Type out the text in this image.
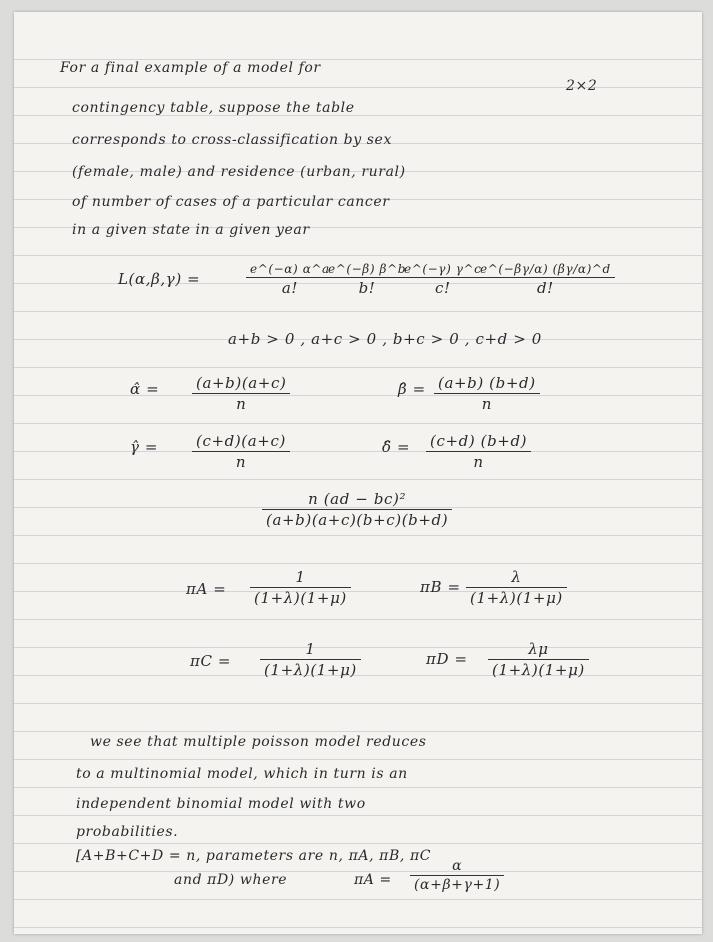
For a final example of a model for
2×2
contingency table, suppose the table
corresponds to cross-classification by sex
(female, male) and residence (urban, rural)
of number of cases of a particular cancer
in a given state in a given year
L(α,β,γ) =
e^(−α) α^a
a!
e^(−β) β^b
b!
e^(−γ) γ^c
c!
e^(−βγ/α) (βγ/α)^d
d!
a+b > 0 , a+c > 0 , b+c > 0 , c+d > 0
α̂ = $\frac{(a+b)(a+c)}{n}$	β̂ = $\frac{(a+b) (b+d)}{n}$
γ̂ = $\frac{(c+d)(a+c)}{n}$	δ̂ = $\frac{(c+d) (b+d)}{n}$
$\frac{\text{n (ad − bc)²}}{(a+b)(a+c)(b+c)(b+d)}$
$\pi A = \frac{1}{(1+\lambda)(1+\mu)}$	$\pi B = \frac{\lambda}{(1+\lambda)(1+\mu)}$
$\pi C = \frac{1}{(1+\lambda)(1+\mu)}$	$\pi D = \frac{\lambda\mu}{(1+\lambda)(1+\mu)}$
we see that multiple poisson model reduces
to a multinomial model, which in turn is an
independent binomial model with two
probabilities.
[A+B+C+D = n, parameters are n, πA, πB, πC
and πD) where	$\pi A = \frac{\alpha}{(\alpha+\beta+\gamma+1)}$
